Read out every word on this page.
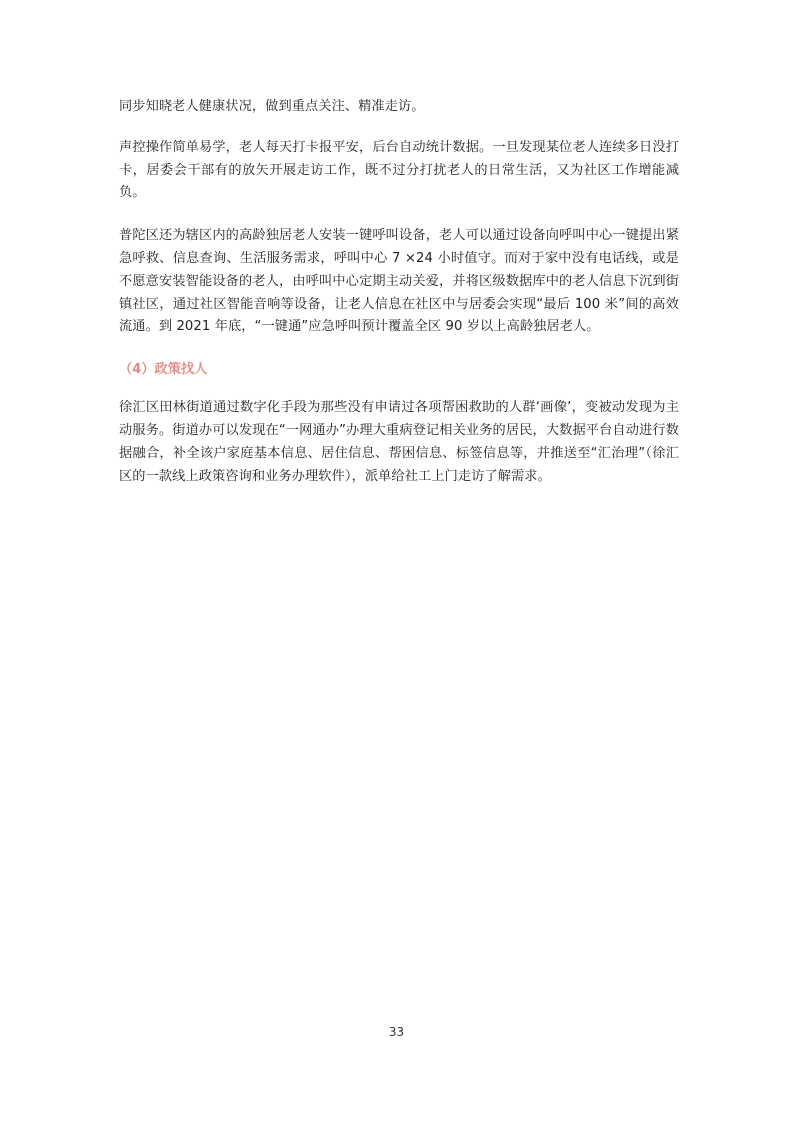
同步知晓老人健康状况，做到重点关注、精准走访。

声控操作简单易学，老人每天打卡报平安，后台自动统计数据。一旦发现某位老人连续多日没打卡，居委会干部有的放矢开展走访工作，既不过分打扰老人的日常生活，又为社区工作增能减负。

普陀区还为辖区内的高龄独居老人安装一键呼叫设备，老人可以通过设备向呼叫中心一键提出紧急呼救、信息查询、生活服务需求，呼叫中心 7 ×24 小时值守。而对于家中没有电话线，或是不愿意安装智能设备的老人，由呼叫中心定期主动关爱，并将区级数据库中的老人信息下沉到街镇社区，通过社区智能音响等设备，让老人信息在社区中与居委会实现“最后 100 米”间的高效流通。到 2021 年底，“一键通”应急呼叫预计覆盖全区 90 岁以上高龄独居老人。

（4）政策找人

徐汇区田林街道通过数字化手段为那些没有申请过各项帮困救助的人群‘画像’，变被动发现为主动服务。街道办可以发现在“一网通办”办理大重病登记相关业务的居民，大数据平台自动进行数据融合，补全该户家庭基本信息、居住信息、帮困信息、标签信息等，并推送至“汇治理”（徐汇区的一款线上政策咨询和业务办理软件），派单给社工上门走访了解需求。

33
